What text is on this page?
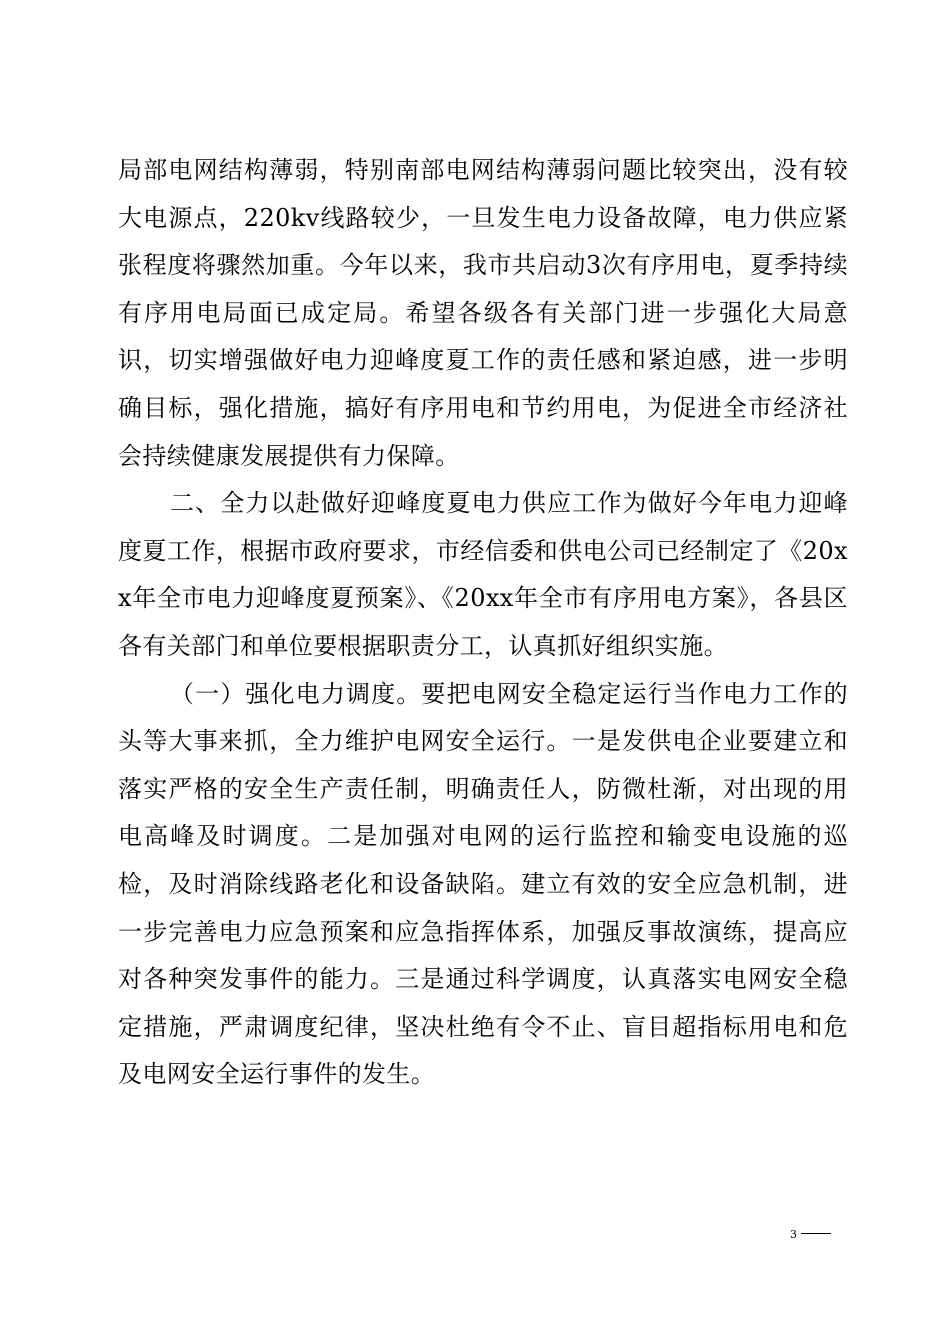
局部电网结构薄弱，特别南部电网结构薄弱问题比较突出，没有较大电源点，220kv线路较少，一旦发生电力设备故障，电力供应紧张程度将骤然加重。今年以来，我市共启动3次有序用电，夏季持续有序用电局面已成定局。希望各级各有关部门进一步强化大局意识，切实增强做好电力迎峰度夏工作的责任感和紧迫感，进一步明确目标，强化措施，搞好有序用电和节约用电，为促进全市经济社会持续健康发展提供有力保障。

二、全力以赴做好迎峰度夏电力供应工作为做好今年电力迎峰度夏工作，根据市政府要求，市经信委和供电公司已经制定了《20xx年全市电力迎峰度夏预案》、《20xx年全市有序用电方案》，各县区各有关部门和单位要根据职责分工，认真抓好组织实施。

（一）强化电力调度。要把电网安全稳定运行当作电力工作的头等大事来抓，全力维护电网安全运行。一是发供电企业要建立和落实严格的安全生产责任制，明确责任人，防微杜渐，对出现的用电高峰及时调度。二是加强对电网的运行监控和输变电设施的巡检，及时消除线路老化和设备缺陷。建立有效的安全应急机制，进一步完善电力应急预案和应急指挥体系，加强反事故演练，提高应对各种突发事件的能力。三是通过科学调度，认真落实电网安全稳定措施，严肃调度纪律，坚决杜绝有令不止、盲目超指标用电和危及电网安全运行事件的发生。

3
